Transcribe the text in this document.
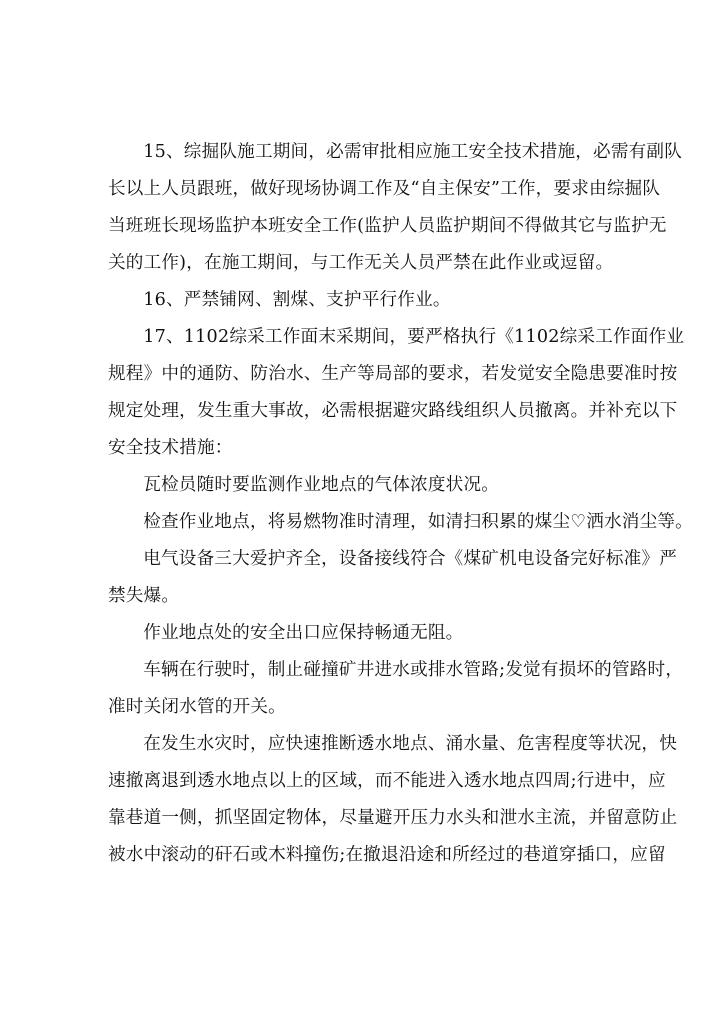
15、综掘队施工期间，必需审批相应施工安全技术措施，必需有副队
长以上人员跟班，做好现场协调工作及“自主保安”工作，要求由综掘队
当班班长现场监护本班安全工作(监护人员监护期间不得做其它与监护无
关的工作)，在施工期间，与工作无关人员严禁在此作业或逗留。

16、严禁铺网、割煤、支护平行作业。

17、1102综采工作面末采期间，要严格执行《1102综采工作面作业
规程》中的通防、防治水、生产等局部的要求，若发觉安全隐患要准时按
规定处理，发生重大事故，必需根据避灾路线组织人员撤离。并补充以下
安全技术措施：

瓦检员随时要监测作业地点的气体浓度状况。

检查作业地点，将易燃物准时清理，如清扫积累的煤尘♡洒水消尘等。

电气设备三大爱护齐全，设备接线符合《煤矿机电设备完好标准》严
禁失爆。

作业地点处的安全出口应保持畅通无阻。

车辆在行驶时，制止碰撞矿井进水或排水管路;发觉有损坏的管路时，
准时关闭水管的开关。

在发生水灾时，应快速推断透水地点、涌水量、危害程度等状况，快
速撤离退到透水地点以上的区域，而不能进入透水地点四周;行进中，应
靠巷道一侧，抓坚固定物体，尽量避开压力水头和泄水主流，并留意防止
被水中滚动的矸石或木料撞伤;在撤退沿途和所经过的巷道穿插口，应留
